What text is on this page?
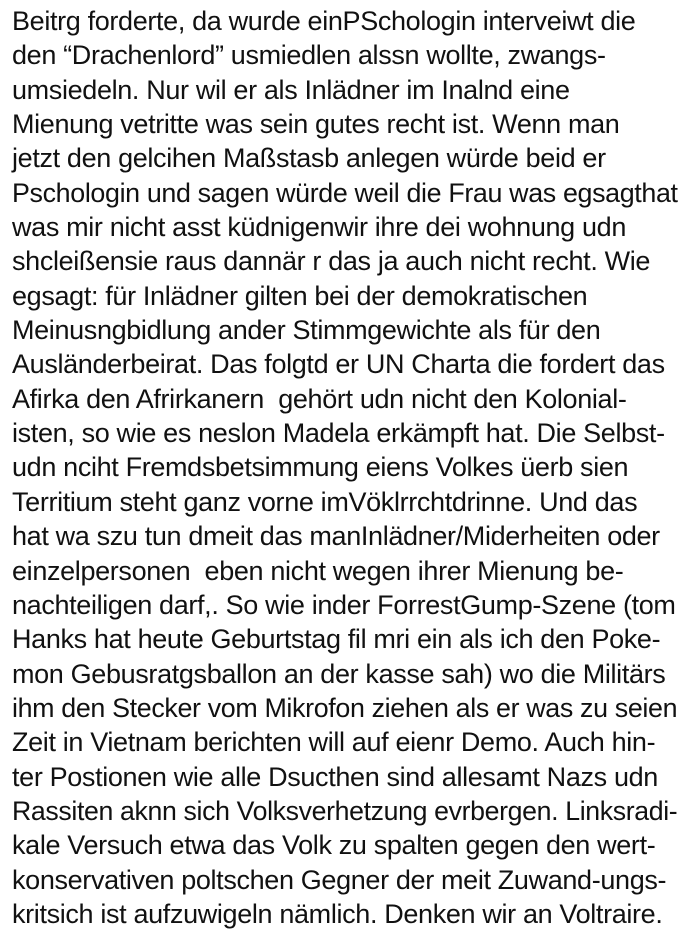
Beitrg forderte, da wurde einPSchologin interveiwt die
den “Drachenlord” usmiedlen alssn wollte, zwangs-
umsiedeln. Nur wil er als Inlädner im Inalnd eine
Mienung vetritte was sein gutes recht ist. Wenn man
jetzt den gelcihen Maßstasb anlegen würde beid er
Pschologin und sagen würde weil die Frau was egsagthat
was mir nicht asst küdnigenwir ihre dei wohnung udn
shcleißensie raus dannär r das ja auch nicht recht. Wie
egsagt: für Inlädner gilten bei der demokratischen
Meinusngbidlung ander Stimmgewichte als für den
Ausländerbeirat. Das folgtd er UN Charta die fordert das
Afirka den Afrirkanern  gehört udn nicht den Kolonial-
isten, so wie es neslon Madela erkämpft hat. Die Selbst-
udn nciht Fremdsbetsimmung eiens Volkes üerb sien
Territium steht ganz vorne imVöklrrchtdrinne. Und das
hat wa szu tun dmeit das manInlädner/Miderheiten oder
einzelpersonen  eben nicht wegen ihrer Mienung be-
nachteiligen darf,. So wie inder ForrestGump-Szene (tom
Hanks hat heute Geburtstag fil mri ein als ich den Poke-
mon Gebusratgsballon an der kasse sah) wo die Militärs
ihm den Stecker vom Mikrofon ziehen als er was zu seien
Zeit in Vietnam berichten will auf eienr Demo. Auch hin-
ter Postionen wie alle Dsucthen sind allesamt Nazs udn
Rassiten aknn sich Volksverhetzung evrbergen. Linksradi-
kale Versuch etwa das Volk zu spalten gegen den wert-
konservativen poltschen Gegner der meit Zuwand-ungs-
kritsich ist aufzuwigeln nämlich. Denken wir an Voltraire.
